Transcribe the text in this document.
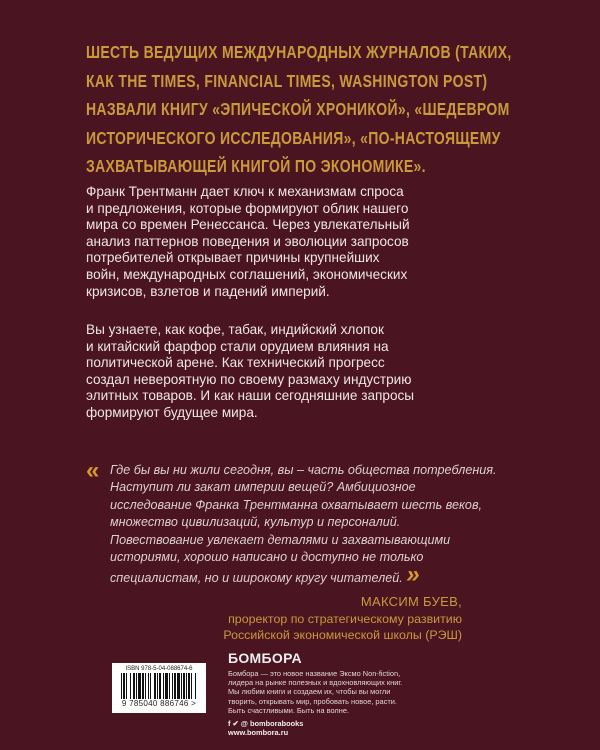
ШЕСТЬ ВЕДУЩИХ МЕЖДУНАРОДНЫХ ЖУРНАЛОВ (ТАКИХ,
КАК THE TIMES, FINANCIAL TIMES, WASHINGTON POST)
НАЗВАЛИ КНИГУ «ЭПИЧЕСКОЙ ХРОНИКОЙ», «ШЕДЕВРОМ
ИСТОРИЧЕСКОГО ИССЛЕДОВАНИЯ», «ПО-НАСТОЯЩЕМУ
ЗАХВАТЫВАЮЩЕЙ КНИГОЙ ПО ЭКОНОМИКЕ».
Франк Трентманн дает ключ к механизмам спроса
и предложения, которые формируют облик нашего
мира со времен Ренессанса. Через увлекательный
анализ паттернов поведения и эволюции запросов
потребителей открывает причины крупнейших
войн, международных соглашений, экономических
кризисов, взлетов и падений империй.
Вы узнаете, как кофе, табак, индийский хлопок
и китайский фарфор стали орудием влияния на
политической арене. Как технический прогресс
создал невероятную по своему размаху индустрию
элитных товаров. И как наши сегодняшние запросы
формируют будущее мира.
« Где бы вы ни жили сегодня, вы – часть общества потребления.
Наступит ли закат империи вещей? Амбициозное
исследование Франка Трентманна охватывает шесть веков,
множество цивилизаций, культур и персоналий.
Повествование увлекает деталями и захватывающими
историями, хорошо написано и доступно не только
специалистам, но и широкому кругу читателей. »
МАКСИМ БУЕВ,
проректор по стратегическому развитию
Российской экономической школы (РЭШ)
ISBN 978-5-04-088674-6
9 785040 886746 >
БОМБОРА
Бомбора — это новое название Эксмо Non-fiction,
лидера на рынке полезных и вдохновляющих книг.
Мы любим книги и создаем их, чтобы вы могли
творить, открывать мир, пробовать новое, расти.
Быть счастливыми. Быть на волне.
f ✔ @ bomborabooks
www.bombora.ru
